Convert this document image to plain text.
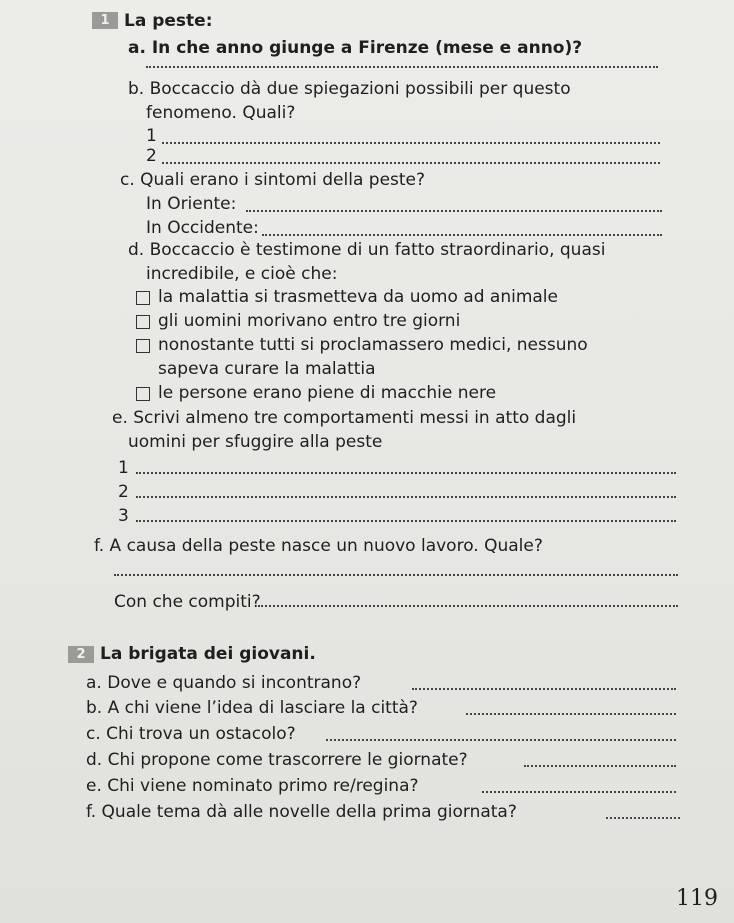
1 La peste:
a. In che anno giunge a Firenze (mese e anno)?
b. Boccaccio dà due spiegazioni possibili per questo
fenomeno. Quali?
1
2
c. Quali erano i sintomi della peste?
In Oriente:
In Occidente:
d. Boccaccio è testimone di un fatto straordinario, quasi
incredibile, e cioè che:
la malattia si trasmetteva da uomo ad animale
gli uomini morivano entro tre giorni
nonostante tutti si proclamassero medici, nessuno
sapeva curare la malattia
le persone erano piene di macchie nere
e. Scrivi almeno tre comportamenti messi in atto dagli
uomini per sfuggire alla peste
1
2
3
f. A causa della peste nasce un nuovo lavoro. Quale?
Con che compiti?
2 La brigata dei giovani.
a. Dove e quando si incontrano?
b. A chi viene l’idea di lasciare la città?
c. Chi trova un ostacolo?
d. Chi propone come trascorrere le giornate?
e. Chi viene nominato primo re/regina?
f. Quale tema dà alle novelle della prima giornata?
119
